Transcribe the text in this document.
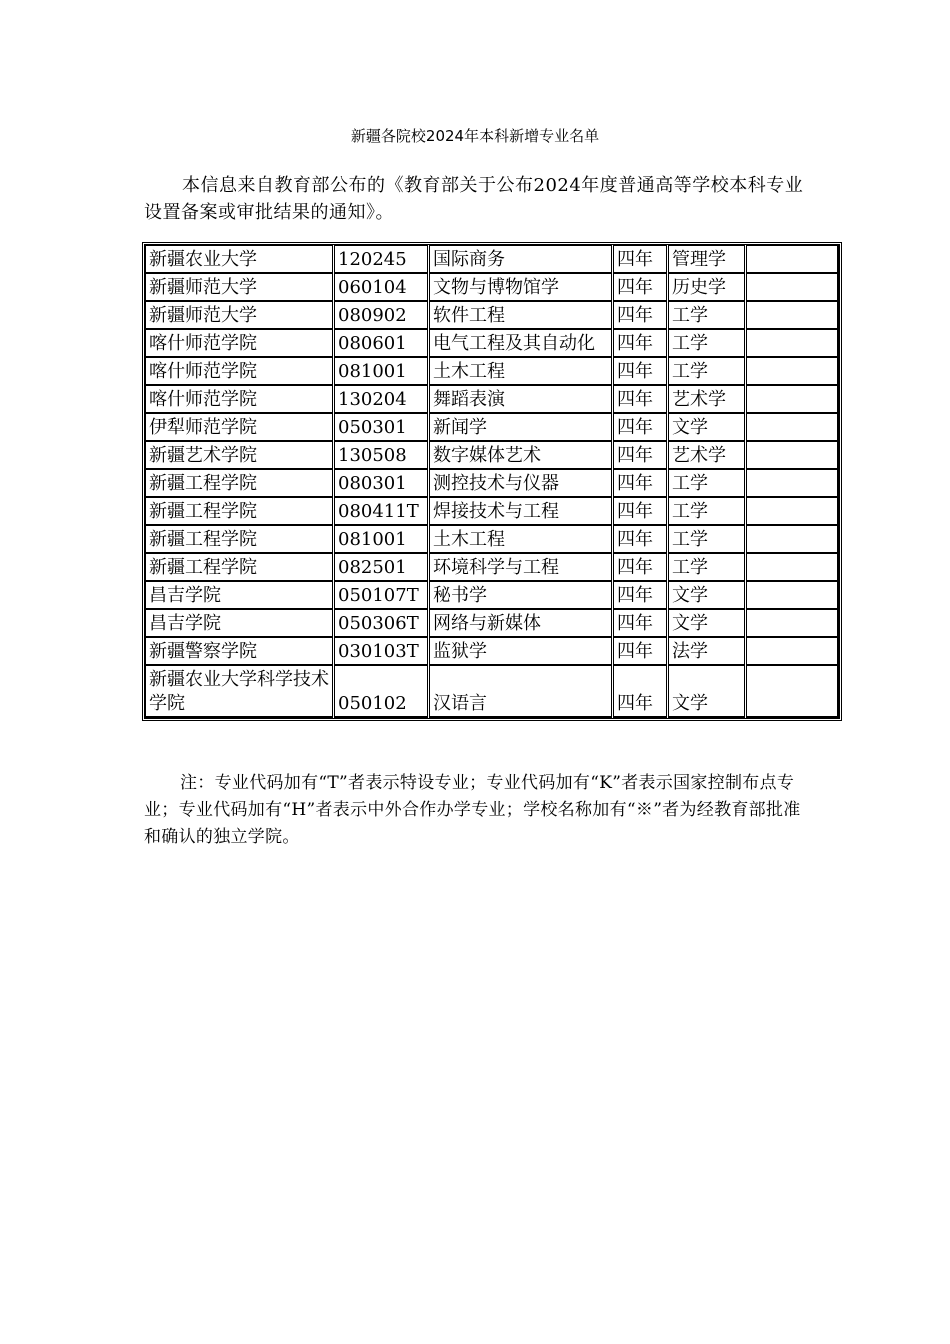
新疆各院校2024年本科新增专业名单

本信息来自教育部公布的《教育部关于公布2024年度普通高等学校本科专业设置备案或审批结果的通知》。

新疆农业大学	120245	国际商务	四年	管理学	
新疆师范大学	060104	文物与博物馆学	四年	历史学	
新疆师范大学	080902	软件工程	四年	工学	
喀什师范学院	080601	电气工程及其自动化	四年	工学	
喀什师范学院	081001	土木工程	四年	工学	
喀什师范学院	130204	舞蹈表演	四年	艺术学	
伊犁师范学院	050301	新闻学	四年	文学	
新疆艺术学院	130508	数字媒体艺术	四年	艺术学	
新疆工程学院	080301	测控技术与仪器	四年	工学	
新疆工程学院	080411T	焊接技术与工程	四年	工学	
新疆工程学院	081001	土木工程	四年	工学	
新疆工程学院	082501	环境科学与工程	四年	工学	
昌吉学院	050107T	秘书学	四年	文学	
昌吉学院	050306T	网络与新媒体	四年	文学	
新疆警察学院	030103T	监狱学	四年	法学	
新疆农业大学科学技术学院	050102	汉语言	四年	文学	

注：专业代码加有“T”者表示特设专业；专业代码加有“K”者表示国家控制布点专业；专业代码加有“H”者表示中外合作办学专业；学校名称加有“※”者为经教育部批准和确认的独立学院。
